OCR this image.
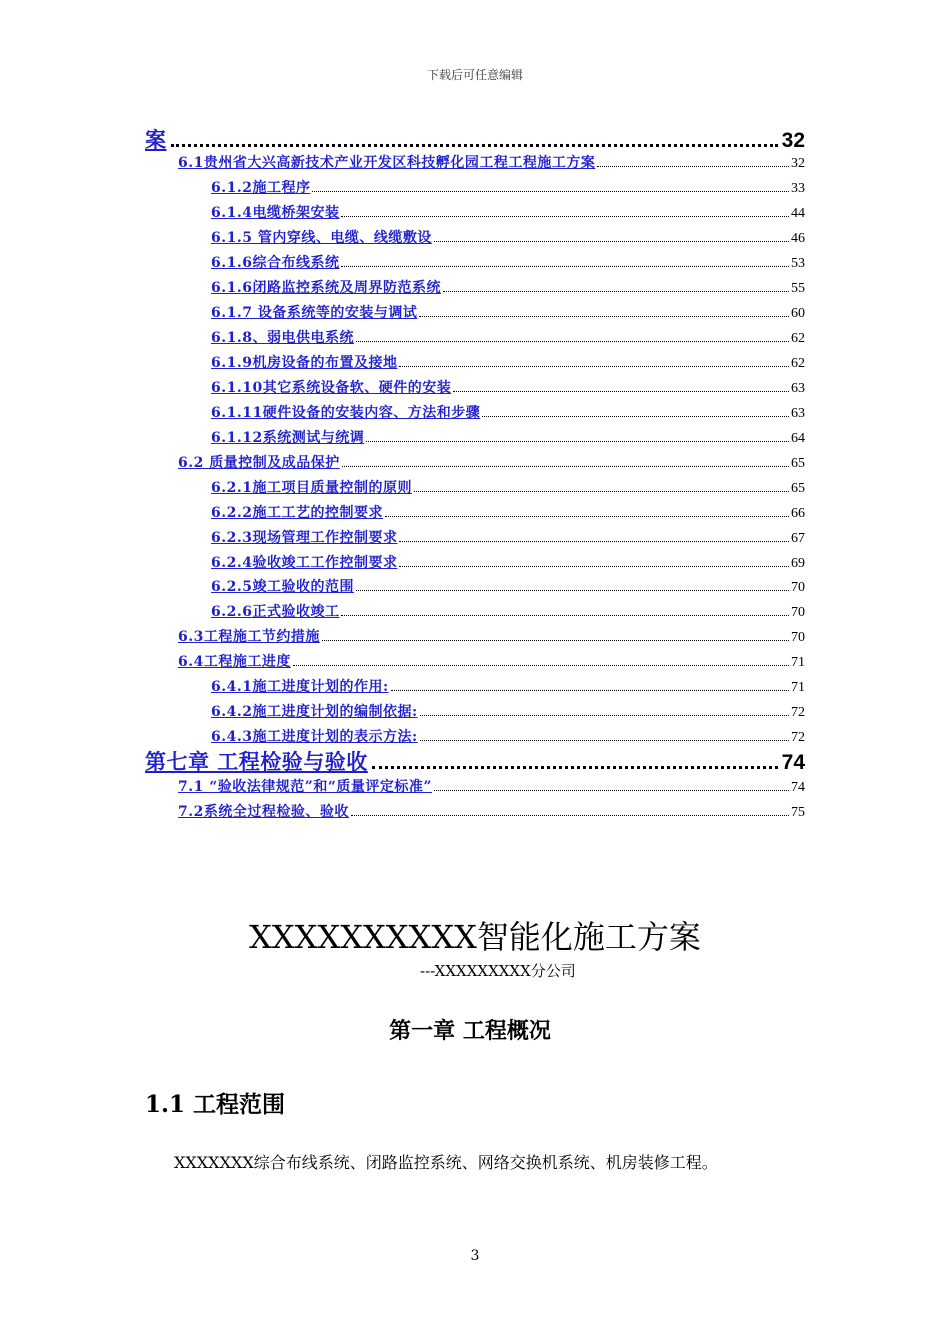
下载后可任意编辑
案	32
6.1贵州省大兴高新技术产业开发区科技孵化园工程工程施工方案	32
6.1.2施工程序	33
6.1.4电缆桥架安装	44
6.1.5 管内穿线、电缆、线缆敷设	46
6.1.6综合布线系统	53
6.1.6闭路监控系统及周界防范系统	55
6.1.7 设备系统等的安装与调试	60
6.1.8、弱电供电系统	62
6.1.9机房设备的布置及接地	62
6.1.10其它系统设备软、硬件的安装	63
6.1.11硬件设备的安装内容、方法和步骤	63
6.1.12系统测试与统调	64
6.2 质量控制及成品保护	65
6.2.1施工项目质量控制的原则	65
6.2.2施工工艺的控制要求	66
6.2.3现场管理工作控制要求	67
6.2.4验收竣工工作控制要求	69
6.2.5竣工验收的范围	70
6.2.6正式验收竣工	70
6.3工程施工节约措施	70
6.4工程施工进度	71
6.4.1施工进度计划的作用:	71
6.4.2施工进度计划的编制依据:	72
6.4.3施工进度计划的表示方法:	72
第七章 工程检验与验收	74
7.1 “验收法律规范”和“质量评定标准”	74
7.2系统全过程检验、验收	75
XXXXXXXXXX智能化施工方案
---XXXXXXXXX分公司
第一章 工程概况
1.1 工程范围
XXXXXXX综合布线系统、闭路监控系统、网络交换机系统、机房装修工程。
3
